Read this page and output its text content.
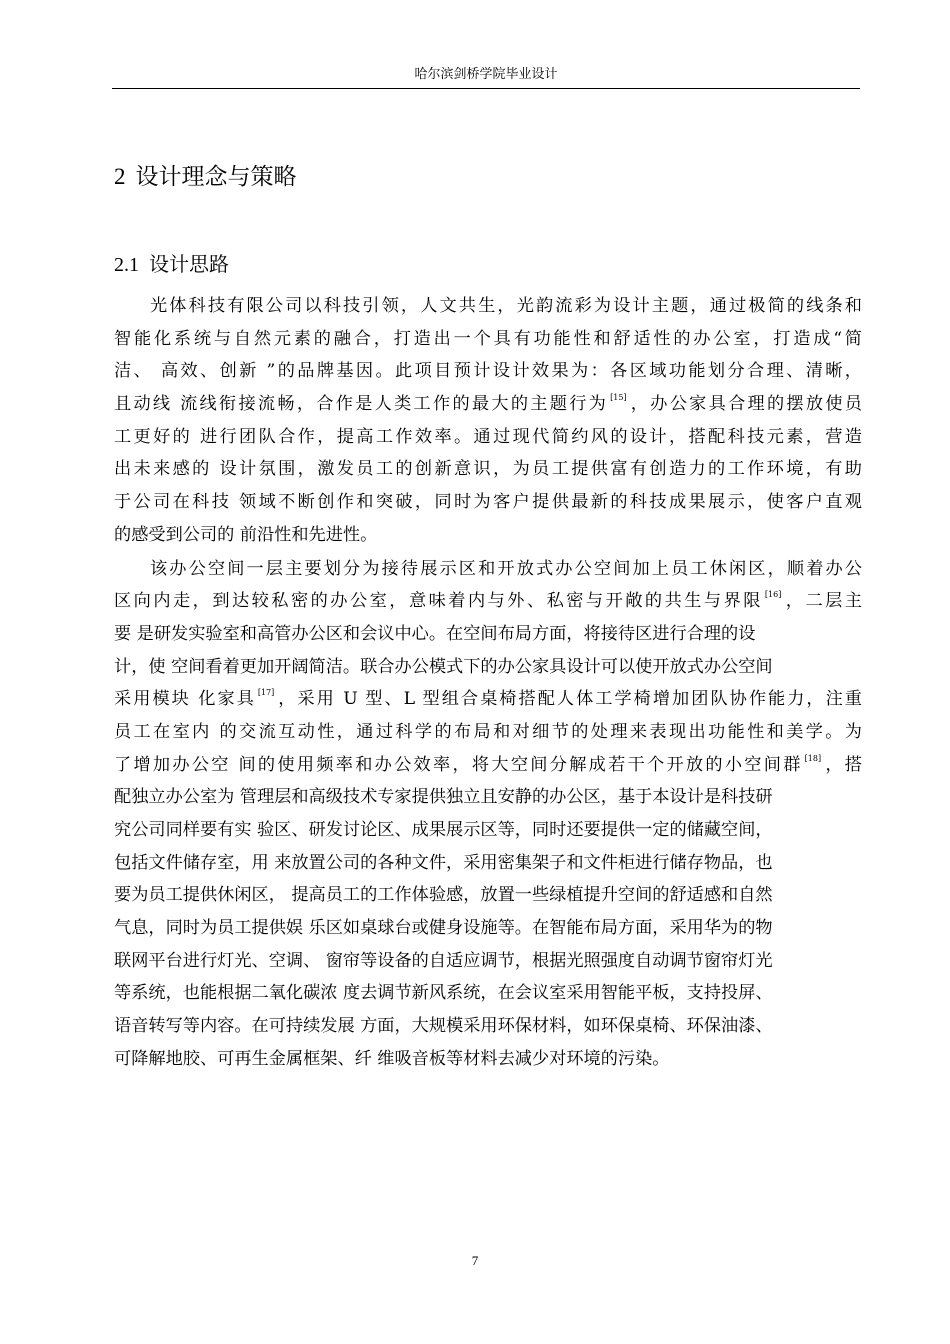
哈尔滨剑桥学院毕业设计
2 设计理念与策略
2.1 设计思路
光体科技有限公司以科技引领，人文共生，光韵流彩为设计主题，通过极简的线条和
智能化系统与自然元素的融合，打造出一个具有功能性和舒适性的办公室，打造成“简
洁、 高效、创新 ”的品牌基因。此项目预计设计效果为：各区域功能划分合理、清晰，
且动线 流线衔接流畅，合作是人类工作的最大的主题行为 [15] ，办公家具合理的摆放使员
工更好的 进行团队合作，提高工作效率。通过现代简约风的设计，搭配科技元素，营造
出未来感的 设计氛围，激发员工的创新意识，为员工提供富有创造力的工作环境，有助
于公司在科技 领域不断创作和突破，同时为客户提供最新的科技成果展示，使客户直观
的感受到公司的 前沿性和先进性。
该办公空间一层主要划分为接待展示区和开放式办公空间加上员工休闲区，顺着办公
区向内走，到达较私密的办公室，意味着内与外、私密与开敞的共生与界限 [16] ，二层主
要 是研发实验室和高管办公区和会议中心。在空间布局方面，将接待区进行合理的设
计，使 空间看着更加开阔简洁。联合办公模式下的办公家具设计可以使开放式办公空间
采用模块 化家具 [17] ，采用 U 型、L 型组合桌椅搭配人体工学椅增加团队协作能力，注重
员工在室内 的交流互动性，通过科学的布局和对细节的处理来表现出功能性和美学。为
了增加办公空 间的使用频率和办公效率，将大空间分解成若干个开放的小空间群 [18] ，搭
配独立办公室为 管理层和高级技术专家提供独立且安静的办公区，基于本设计是科技研
究公司同样要有实 验区、研发讨论区、成果展示区等，同时还要提供一定的储藏空间，
包括文件储存室，用 来放置公司的各种文件，采用密集架子和文件柜进行储存物品，也
要为员工提供休闲区， 提高员工的工作体验感，放置一些绿植提升空间的舒适感和自然
气息，同时为员工提供娱 乐区如桌球台或健身设施等。在智能布局方面，采用华为的物
联网平台进行灯光、空调、 窗帘等设备的自适应调节，根据光照强度自动调节窗帘灯光
等系统，也能根据二氧化碳浓 度去调节新风系统，在会议室采用智能平板，支持投屏、
语音转写等内容。在可持续发展 方面，大规模采用环保材料，如环保桌椅、环保油漆、
可降解地胶、可再生金属框架、纤 维吸音板等材料去减少对环境的污染。
7
